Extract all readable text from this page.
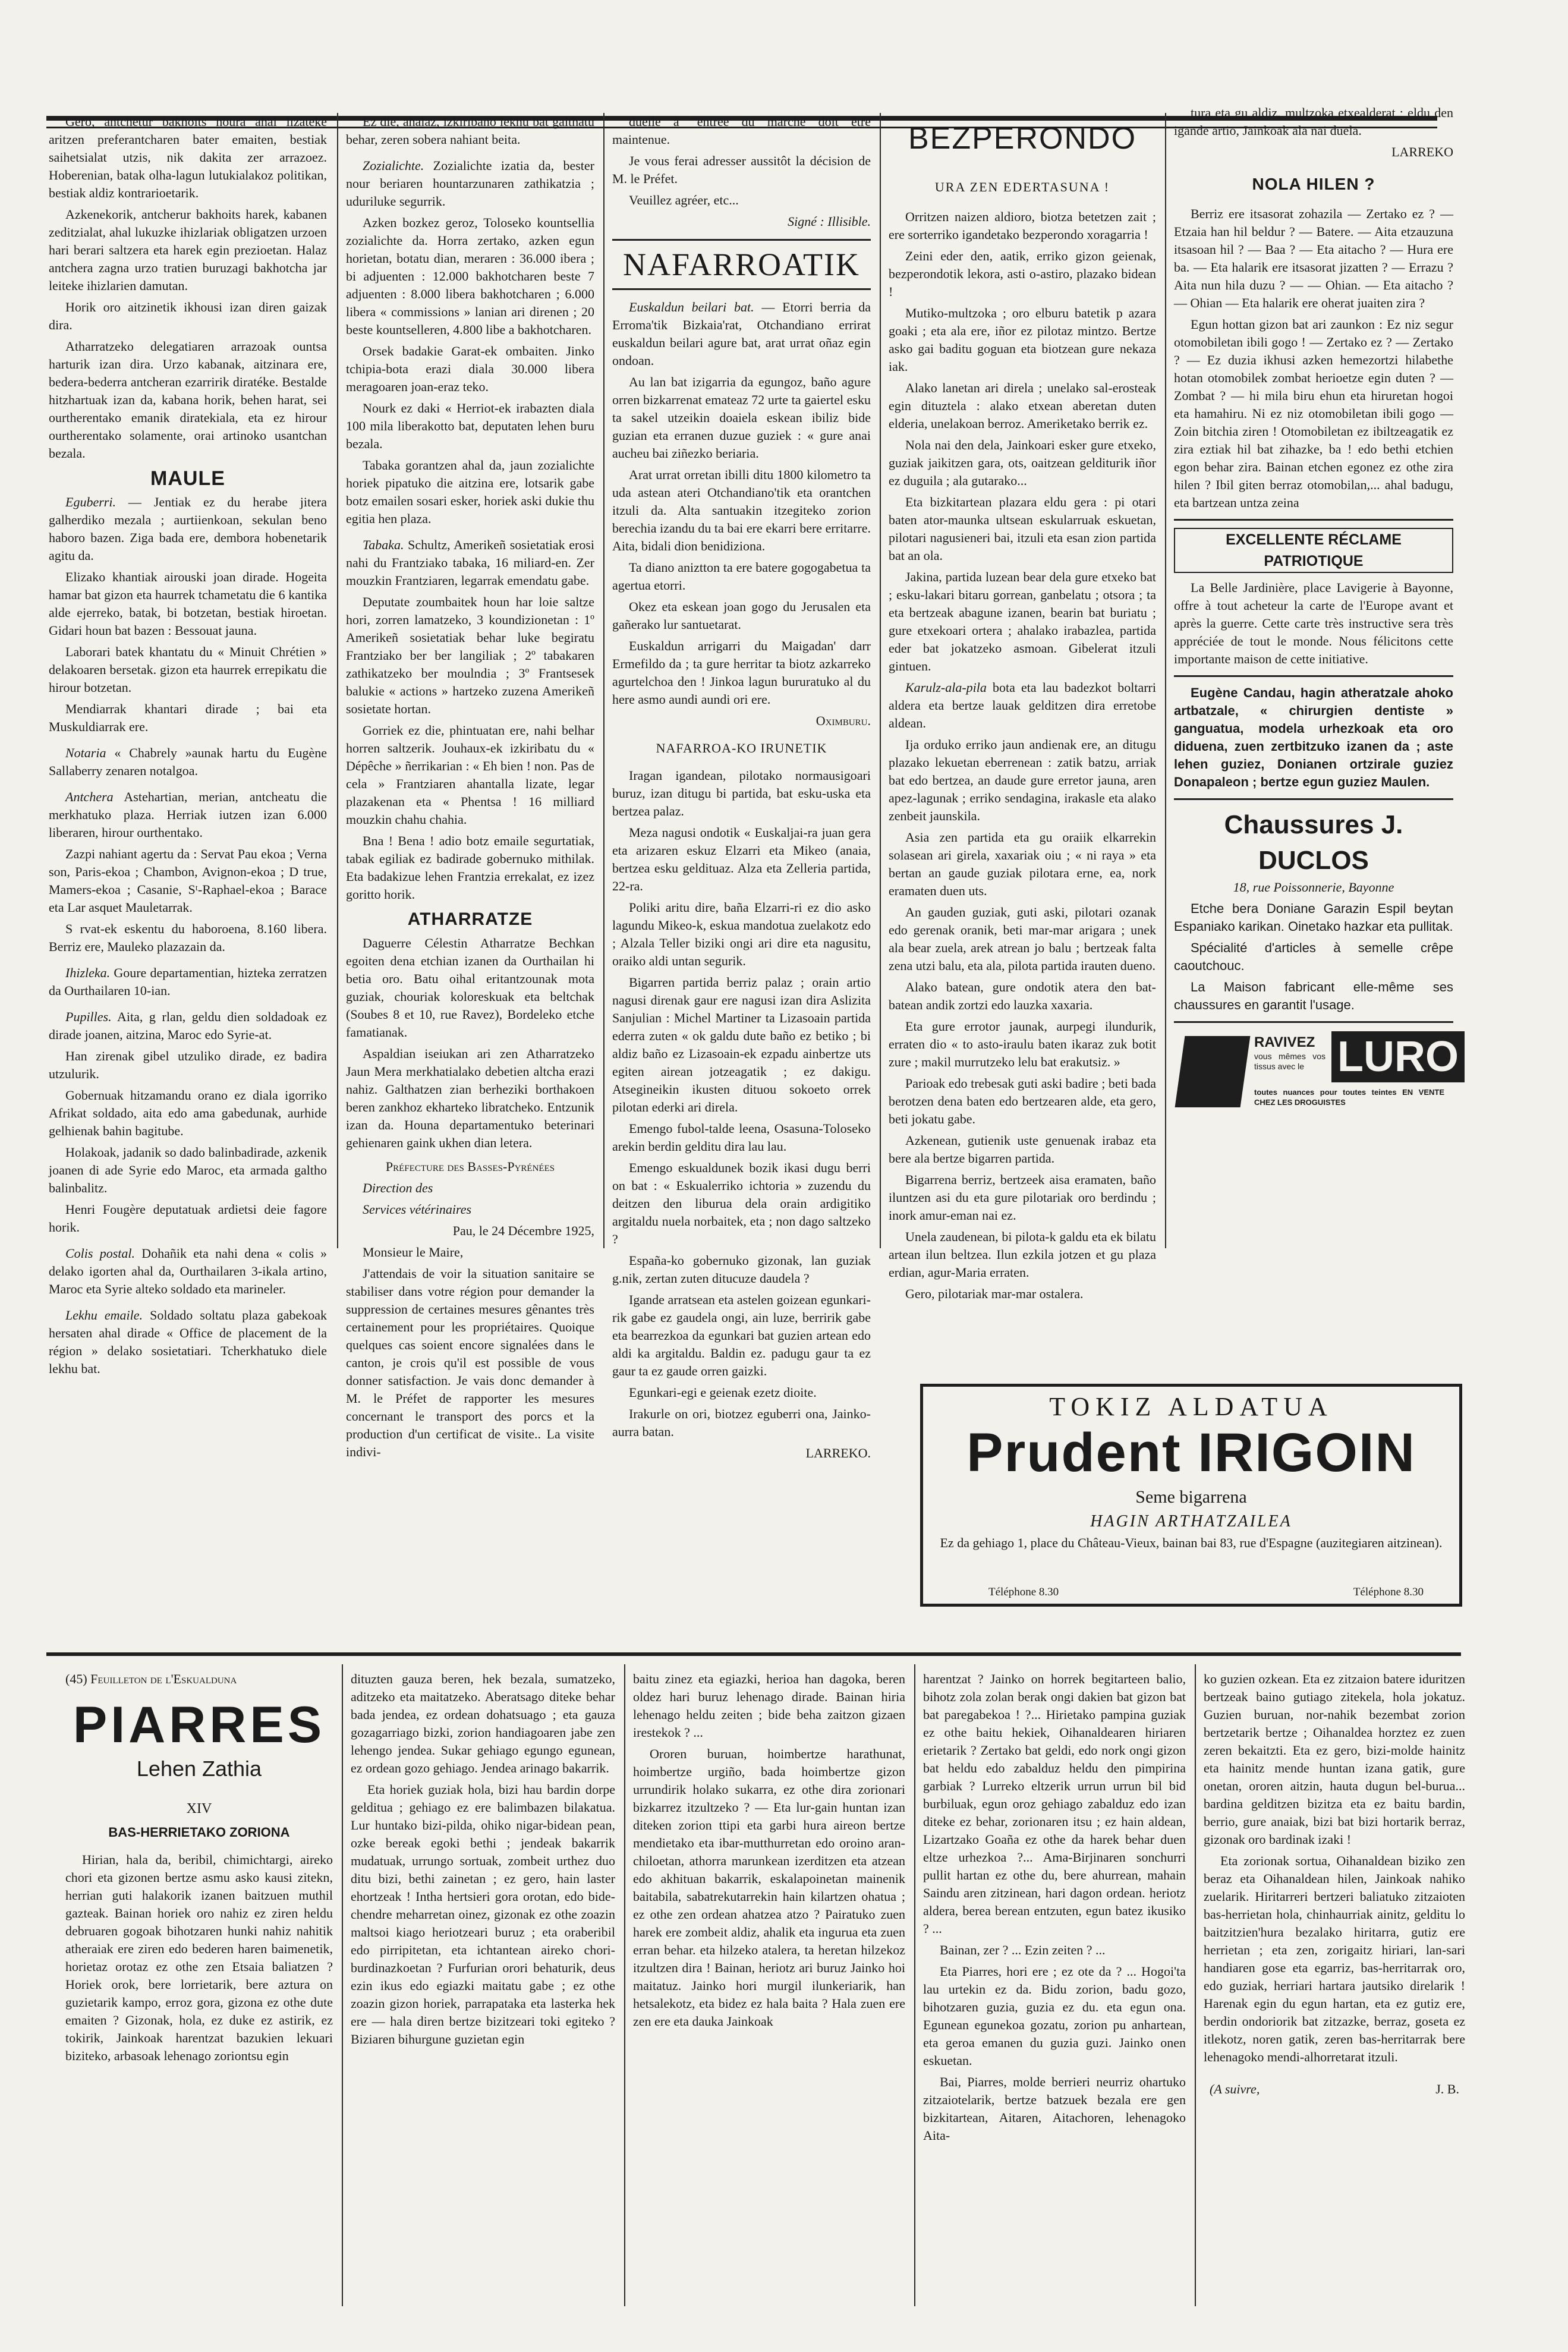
Gero, antchetur bakhoits houra ahal lizateke aritzen preferantcharen bater emaiten, bestiak saihetsialat utzis, nik dakita zer arrazoez. Hoberenian, batak olha-lagun lutukialakoz politikan, bestiak aldiz kontrarioetarik.

Azkenekorik, antcherur bakhoits harek, kabanen zeditzialat, ahal lukuzke ihizlariak obligatzen urzoen hari berari saltzera eta harek egin prezioetan. Halaz antchera zagna urzo tratien buruzagi bakhotcha jar leiteke ihizlarien damutan.

Horik oro aitzinetik ikhousi izan diren gaizak dira.

Atharratzeko delegatiaren arrazoak ountsa harturik izan dira. Urzo kabanak, aitzinara ere, bedera-bederra antcheran ezarririk diratéke. Bestalde hitzhartuak izan da, kabana horik, behen harat, sei ourtherentako emanik diratekiala, eta ez hirour ourtherentako solamente, orai artinoko usantchan bezala.

MAULE

Eguberri. — Jentiak ez du herabe jitera galherdiko mezala ; aurtiienkoan, sekulan beno haboro bazen. Ziga bada ere, dembora hobenetarik agitu da.

Elizako khantiak airouski joan dirade. Hogeita hamar bat gizon eta haurrek tchametatu die 6 kantika alde ejerreko, batak, bi botzetan, bestiak hiroetan. Gidari houn bat bazen : Bessouat jauna.

Laborari batek khantatu du « Minuit Chrétien » delakoaren bersetak. gizon eta haurrek errepikatu die hirour botzetan.

Mendiarrak khantari dirade ; bai eta Muskuldiarrak ere.

Notaria « Chabrely »aunak hartu du Eugène Sallaberry zenaren notalgoa.

Antchera Astehartian, merian, antcheatu die merkhatuko plaza. Herriak iutzen izan 6.000 liberaren, hirour ourthentako.

Zazpi nahiant agertu da : Servat Pau ekoa ; Verna son, Paris-ekoa ; Chambon, Avignon-ekoa ; D true, Mamers-ekoa ; Casanie, Sᵗ-Raphael-ekoa ; Barace eta Lar asquet Mauletarrak.

S rvat-ek eskentu du haboroena, 8.160 libera. Berriz ere, Mauleko plazazain da.

Ihizleka. Goure departamentian, hizteka zerratzen da Ourthailaren 10-ian.

Pupilles. Aita, g rlan, geldu dien soldadoak ez dirade joanen, aitzina, Maroc edo Syrie-at.

Han zirenak gibel utzuliko dirade, ez badira utzulurik.

Gobernuak hitzamandu orano ez diala igorriko Afrikat soldado, aita edo ama gabedunak, aurhide gelhienak bahin bagitube.

Holakoak, jadanik so dado balinbadirade, azkenik joanen di ade Syrie edo Maroc, eta armada galtho balinbalitz.

Henri Fougère deputatuak ardietsi deie fagore horik.

Colis postal. Dohañik eta nahi dena « colis » delako igorten ahal da, Ourthailaren 3-ikala artino, Maroc eta Syrie alteko soldado eta marineler.

Lekhu emaile. Soldado soltatu plaza gabekoak hersaten ahal dirade « Office de placement de la région » delako sosietatiari. Tcherkhatuko diele lekhu bat.

Ez die, ahalaz, izkiribaño lekhu bat galthatu behar, zeren sobera nahiant beita.

Zozialichte. Zozialichte izatia da, bester nour beriaren hountarzunaren zathikatzia ; uduriluke segurrik.

Azken bozkez geroz, Toloseko kountsellia zozialichte da. Horra zertako, azken egun horietan, botatu dian, meraren : 36.000 ibera ; bi adjuenten : 12.000 bakhotcharen beste 7 adjuenten : 8.000 libera bakhotcharen ; 6.000 libera « commissions » lanian ari direnen ; 20 beste kountselleren, 4.800 libe a bakhotcharen.

Orsek badakie Garat-ek ombaiten. Jinko tchipia-bota erazi diala 30.000 libera meragoaren joan-eraz teko.

Nourk ez daki « Herriot-ek irabazten diala 100 mila liberakotto bat, deputaten lehen buru bezala.

Tabaka gorantzen ahal da, jaun zozialichte horiek pipatuko die aitzina ere, lotsarik gabe botz emailen sosari esker, horiek aski dukie thu egitia hen plaza.

Tabaka. Schultz, Amerikeñ sosietatiak erosi nahi du Frantziako tabaka, 16 miliard-en. Zer mouzkin Frantziaren, legarrak emendatu gabe.

Deputate zoumbaitek houn har loie saltze hori, zorren lamatzeko, 3 koundizionetan : 1º Amerikeñ sosietatiak behar luke begiratu Frantziako ber ber langiliak ; 2º tabakaren zathikatzeko ber moulndia ; 3º Frantsesek balukie « actions » hartzeko zuzena Amerikeñ sosietate hortan.

Gorriek ez die, phintuatan ere, nahi belhar horren saltzerik. Jouhaux-ek izkiribatu du « Dépêche » ñerrikarian : « Eh bien ! non. Pas de cela » Frantziaren ahantalla lizate, legar plazakenan eta « Phentsa ! 16 milliard mouzkin chahu chahia.

Bna ! Bena ! adio botz emaile segurtatiak, tabak egiliak ez badirade gobernuko mithilak. Eta badakizue lehen Frantzia errekalat, ez izez goritto horik.

ATHARRATZE

Daguerre Célestin Atharratze Bechkan egoiten dena etchian izanen da Ourthailan hi betia oro. Batu oihal eritantzounak mota guziak, chouriak koloreskuak eta beltchak (Soubes 8 et 10, rue Ravez), Bordeleko etche famatianak.

Aspaldian iseiukan ari zen Atharratzeko Jaun Mera merkhatialako debetien altcha erazi nahiz. Galthatzen zian berheziki borthakoen beren zankhoz ekharteko libratcheko. Entzunik izan da. Houna departamentuko beterinari gehienaren gaink ukhen dian letera.

Préfecture des Basses-Pyrénées

Direction des

Services vétérinaires

Pau, le 24 Décembre 1925,

Monsieur le Maire,

J'attendais de voir la situation sanitaire se stabiliser dans votre région pour demander la suppression de certaines mesures gênantes très certainement pour les propriétaires. Quoique quelques cas soient encore signalées dans le canton, je crois qu'il est possible de vous donner satisfaction. Je vais donc demander à M. le Préfet de rapporter les mesures concernant le transport des porcs et la production d'un certificat de visite.. La visite indivi-

duelle à "entrée du marché doit être maintenue.

Je vous ferai adresser aussitôt la décision de M. le Préfet.

Veuillez agréer, etc...

Signé : Illisible.

NAFARROATIK

Euskaldun beilari bat. — Etorri berria da Erroma'tik Bizkaia'rat, Otchandiano errirat euskaldun beilari agure bat, arat urrat oñaz egin ondoan.

Au lan bat izigarria da egungoz, baño agure orren bizkarrenat emateaz 72 urte ta gaiertel esku ta sakel utzeikin doaiela eskean ibiliz bide guzian eta erranen duzue guziek : « gure anai aucheu bai ziñezko beriaria.

Arat urrat orretan ibilli ditu 1800 kilometro ta uda astean ateri Otchandiano'tik eta orantchen itzuli da. Alta santuakin itzegiteko zorion berechia izandu du ta bai ere ekarri bere erritarre. Aita, bidali dion benidiziona.

Ta diano aniztton ta ere batere gogogabetua ta agertua etorri.

Okez eta eskean joan gogo du Jerusalen eta gañerako lur santuetarat.

Euskaldun arrigarri du Maigadan' darr Ermefildo da ; ta gure herritar ta biotz azkarreko agurtelchoa den ! Jinkoa lagun bururatuko al du here asmo aundi aundi ori ere.

Oximburu.

NAFARROA-KO IRUNETIK

Iragan igandean, pilotako normausigoari buruz, izan ditugu bi partida, bat esku-uska eta bertzea palaz.

Meza nagusi ondotik « Euskaljai-ra juan gera eta arizaren eskuz Elzarri eta Mikeo (anaia, bertzea esku geldituaz. Alza eta Zelleria partida, 22-ra.

Poliki aritu dire, baña Elzarri-ri ez dio asko lagundu Mikeo-k, eskua mandotua zuelakotz edo ; Alzala Teller biziki ongi ari dire eta nagusitu, oraiko aldi untan segurik.

Bigarren partida berriz palaz ; orain artio nagusi direnak gaur ere nagusi izan dira Aslizita Sanjulian : Michel Martiner ta Lizasoain partida ederra zuten « ok galdu dute baño ez betiko ; bi aldiz baño ez Lizasoain-ek ezpadu ainbertze uts egiten airean jotzeagatik ; ez dakigu. Atsegineikin ikusten dituou sokoeto orrek pilotan ederki ari direla.

Emengo fubol-talde leena, Osasuna-Toloseko arekin berdin gelditu dira lau lau.

Emengo eskualdunek bozik ikasi dugu berri on bat : « Eskualerriko ichtoria » zuzendu du deitzen den liburua dela orain ardigitiko argitaldu nuela norbaitek, eta ; non dago saltzeko ?

España-ko gobernuko gizonak, lan guziak g.nik, zertan zuten ditucuze daudela ?

Igande arratsean eta astelen goizean egunkari-rik gabe ez gaudela ongi, ain luze, berririk gabe eta bearrezkoa da egunkari bat guzien artean edo aldi ka argitaldu. Baldin ez. padugu gaur ta ez gaur ta ez gaude orren gaizki.

Egunkari-egi e geienak ezetz dioite.

Irakurle on ori, biotzez eguberri ona, Jainko-aurra batan.

LARREKO.

BEZPERONDO

URA ZEN EDERTASUNA !

Orritzen naizen aldioro, biotza betetzen zait ; ere sorterriko igandetako bezperondo xoragarria !

Zeini eder den, aatik, erriko gizon geienak, bezperondotik lekora, asti o-astiro, plazako bidean !

Mutiko-multzoka ; oro elburu batetik p azara goaki ; eta ala ere, iñor ez pilotaz mintzo. Bertze asko gai baditu goguan eta biotzean gure nekaza iak.

Alako lanetan ari direla ; unelako sal-erosteak egin dituztela : alako etxean aberetan duten elderia, unelakoan berroz. Ameriketako berrik ez.

Nola nai den dela, Jainkoari esker gure etxeko, guziak jaikitzen gara, ots, oaitzean gelditurik iñor ez duguila ; ala gutarako...

Eta bizkitartean plazara eldu gera : pi otari baten ator-maunka ultsean eskularruak eskuetan, pilotari nagusienerі bai, itzuli eta esan zion partida bat an ola.

Jakina, partida luzean bear dela gure etxeko bat ; esku-lakari bitaru gorrean, ganbelatu ; otsora ; ta eta bertzeak abagune izanen, bearin bat buriatu ; gure etxekoari ortera ; ahalako irabazlea, partida eder bat jokatzeko asmoan. Gibelerat itzuli gintuen.

Karulz-ala-pila bota eta lau badezkot boltarri aldera eta bertze lauak gelditzen dira erretobe aldean.

Ija orduko erriko jaun andienak ere, an ditugu plazako lekuetan eberrenean : zatik batzu, arriak bat edo bertzea, an daude gure erretor jauna, aren apez-lagunak ; erriko sendagina, irakasle eta alako zenbeit jaunskila.

Asia zen partida eta gu oraiik elkarrekin solasean ari girela, xaxariak oiu ; « ni raya » eta bertan an gaude guziak pilotara erne, ea, nork eramaten duen uts.

An gauden guziak, guti aski, pilotari ozanak edo gerenak oranik, beti mar-mar arigara ; unek ala bear zuela, arek atrean jo balu ; bertzeak falta zena utzi balu, eta ala, pilota partida irauten dueno.

Alako batean, gure ondotik atera den bat-batean andik zortzi edo lauzka xaxaria.

Eta gure errotor jaunak, aurpegi ilundurik, erraten dio « to asto-iraulu baten ikaraz zuk botit zure ; makil murrutzeko lelu bat erakutsiz. »

Parioak edo trebesak guti aski badire ; beti bada berotzen dena baten edo bertzearen alde, eta gero, beti jokatu gabe.

Azkenean, gutienik uste genuenak irabaz eta bere ala bertze bigarren partida.

Bigarrena berriz, bertzeek aisa eramaten, baño iluntzen asi du eta gure pilotariak oro berdindu ; inork amur-eman nai ez.

Unela zaudenean, bi pilota-k galdu eta ek bilatu artean ilun beltzea. Ilun ezkila jotzen et gu plaza erdian, agur-Maria erraten.

Gero, pilotariak mar-mar ostalera.

tura eta gu aldiz, multzoka etxealderat ; eldu den igande artio, Jainkoak ala nai duela.

LARREKO

NOLA HILEN ?

Berriz ere itsasorat zohazila — Zertako ez ? — Etzaia han hil beldur ? — Batere. — Aita etzauzuna itsasoan hil ? — Baa ? — Eta aitacho ? — Hura ere ba. — Eta halarik ere itsasorat jizatten ? — Errazu ? Aita nun hila duzu ? — — Ohian. — Eta aitacho ? — Ohian — Eta halarik ere oherat juaiten zira ?

Egun hottan gizon bat ari zaunkon : Ez niz segur otomobiletan ibili gogo ! — Zertako ez ? — Zertako ? — Ez duzia ikhusi azken hemezortzi hilabethe hotan otomobilek zombat herioetze egin duten ? — Zombat ? — hi mila biru ehun eta hiruretan hogoi eta hamahiru. Ni ez niz otomobiletan ibili gogo — Zoin bitchia ziren ! Otomobiletan ez ibiltzeagatik ez zira eztiak hil bat zihazke, ba ! edo bethi etchien egon behar zira. Bainan etchen egonez ez othe zira hilen ? Ibil giten berraz otomobilan,... ahal badugu, eta bartzean untza zeina

EXCELLENTE RÉCLAME PATRIOTIQUE

La Belle Jardinière, place Lavigerie à Bayonne, offre à tout acheteur la carte de l'Europe avant et après la guerre. Cette carte très instructive sera très appréciée de tout le monde. Nous félicitons cette importante maison de cette initiative.

Eugène Candau, hagin atheratzale ahoko artbatzale, « chirurgien dentiste » ganguatua, modela urhezkoak eta oro diduena, zuen zertbitzuko izanen da ; aste lehen guziez, Donianen ortzirale guziez Donapaleon ; bertze egun guziez Maulen.

Chaussures J. DUCLOS

18, rue Poissonnerie, Bayonne

Etche bera Doniane Garazin Espil beytan Espaniako karikan. Oinetako hazkar eta pullitak.

Spécialité d'articles à semelle crêpe caoutchouc.

La Maison fabricant elle-même ses chaussures en garantit l'usage.

RAVIVEZ
vous mêmes vos tissus avec le LURO
toutes nuances pour toutes teintes EN VENTE CHEZ LES DROGUISTES
TOKIZ ALDATUA
Prudent IRIGOIN
Seme bigarrena
HAGIN ARTHATZAILEA
Ez da gehiago 1, place du Château-Vieux, bainan bai 83, rue d'Espagne (auzitegiaren aitzinean).
Téléphone 8.30	Téléphone 8.30

(45) Feuilleton de l'Eskualduna

PIARRES
Lehen Zathia
XIV
BAS-HERRIETAKO ZORIONA

Hirian, hala da, beribil, chimichtargi, aireko chori eta gizonen bertze asmu asko kausi zitekn, herrian guti halakorik izanen baitzuen muthil gazteak. Bainan horiek oro nahiz ez ziren heldu debruaren gogoak bihotzaren hunki nahiz nahitik atheraiak ere ziren edo bederen haren baimenetik, horietaz orotaz ez othe zen Etsaia baliatzen ? Horiek orok, bere lorrietarik, bere aztura on guzietarik kampo, erroz gora, gizona ez othe dute emaiten ? Gizonak, hola, ez duke ez astirik, ez tokirik, Jainkoak harentzat bazukien lekuari biziteko, arbasoak lehenago zoriontsu egin

dituzten gauza beren, hek bezala, sumatzeko, aditzeko eta maitatzeko. Aberatsago diteke behar bada jendea, ez ordean dohatsuago ; eta gauza gozagarriago bizki, zorion handiagoaren jabe zen lehengo jendea. Sukar gehiago egungo egunean, ez ordean gozo gehiago. Jendea arinago bakarrik.

Eta horiek guziak hola, bizi hau bardin dorpe gelditua ; gehiago ez ere balimbazen bilakatua. Lur huntako bizi-pilda, ohiko nigar-bidean pean, ozke bereak egoki bethi ; jendeak bakarrik mudatuak, urrungo sortuak, zombeit urthez duo ditu bizi, bethi zainetan ; ez gero, hain laster ehortzeak ! Intha hertsieri gora orotan, edo bide-chendre meharretan oinez, gizonak ez othe zoazin maltsoi kiago heriotzeari buruz ; eta oraberibil edo pirripitetan, eta ichtantean aireko chori-burdinazkoetan ? Furfurian orori behaturik, deus ezin ikus edo egiazki maitatu gabe ; ez othe zoazin gizon horiek, parrapataka eta lasterka hek ere — hala diren bertze bizitzeari toki egiteko ? Biziaren bihurgune guzietan egin

baitu zinez eta egiazki, herioa han dagoka, beren oldez hari buruz lehenago dirade. Bainan hiria lehenago heldu zeiten ; bide beha zaitzon gizaen irestekok ? ...

Ororen buruan, hoimbertze harathunat, hoimbertze urgiño, bada hoimbertze gizon urrundirik holako sukarra, ez othe dira zorionari bizkarrez itzultzeko ? — Eta lur-gain huntan izan diteken zorion ttipi eta garbi hura aireon bertze mendietako eta ibar-mutthurretan edo oroino aran-chiloetan, athorra marunkean izerditzen eta atzean edo akhituan bakarrik, eskalapoinetan mainenik baitabila, sabatrekutarrekin hain kilartzen ohatua ; ez othe zen ordean ahatzea atzo ? Pairatuko zuen harek ere zombeit aldiz, ahalik eta ingurua eta zuen erran behar. eta hilzeko atalera, ta heretan hilzekoz itzultzen dira ! Bainan, heriotz ari buruz Jainko hoi maitatuz. Jainko hori murgil ilunkeriarik, han hetsalekotz, eta bidez ez hala baita ? Hala zuen ere zen ere eta dauka Jainkoak

harentzat ? Jainko on horrek begitarteen balio, bihotz zola zolan berak ongi dakien bat gizon bat bat paregabekoa ! ?... Hirietako pampina guziak ez othe baitu hekiek, Oihanaldearen hiriaren erietarik ? Zertako bat geldi, edo nork ongi gizon bat heldu edo zabalduz heldu den pimpirina garbiak ? Lurreko eltzerik urrun urrun bil bid burbiluak, egun oroz gehiago zabalduz edo izan diteke ez behar, zorionaren itsu ; ez hain aldean, Lizartzako Goaña ez othe da harek behar duen eltze urhezkoa ?... Ama-Birjinaren sonchurri pullit hartan ez othe du, bere ahurrean, mahain Saindu aren zitzinean, hari dagon ordean. heriotz aldera, berea berean entzuten, egun batez ikusiko ? ...

Bainan, zer ? ... Ezin zeiten ? ...

Eta Piarres, hori ere ; ez ote da ? ... Hogoi'ta lau urtekin ez da. Bidu zorion, badu gozo, bihotzaren guzia, guzia ez du. eta egun ona. Egunean egunekoa gozatu, zorion pu anhartean, eta geroa emanen du guzia guzi. Jainko onen eskuetan.

Bai, Piarres, molde berrieri neurriz ohartuko zitzaiotelarik, bertze batzuek bezala ere gen bizkitartean, Aitaren, Aitachoren, lehenagoko Aita-

ko guzien ozkean. Eta ez zitzaion batere iduritzen bertzeak baino gutiago zitekela, hola jokatuz. Guzien buruan, nor-nahik bezembat zorion bertzetarik bertze ; Oihanaldea horztez ez zuen zeren bekaitzti. Eta ez gero, bizi-molde hainitz eta hainitz mende huntan izana gatik, gure onetan, ororen aitzin, hauta dugun bel-burua... bardina gelditzen bizitza eta ez baitu bardin, berrio, gure anaiak, bizi bat bizi hortarik berraz, gizonak oro bardinak izaki !

Eta zorionak sortua, Oihanaldean biziko zen beraz eta Oihanaldean hilen, Jainkoak nahiko zuelarik. Hiritarreri bertzeri baliatuko zitzaioten bas-herrietan hola, chinhaurriak ainitz, gelditu lo baitzitzien'hura bezalako hiritarra, gutiz ere herrietan ; eta zen, zorigaitz hiriari, lan-sari handiaren gose eta egarriz, bas-herritarrak oro, edo guziak, herriari hartara jautsiko direlarik ! Harenak egin du egun hartan, eta ez gutiz ere, berdin ondoriorik bat zitzazke, berraz, goseta ez itlekotz, noren gatik, zeren bas-herritarrak bere lehenagoko mendi-alhorretarat itzuli.

(A suivre,	J. B.
